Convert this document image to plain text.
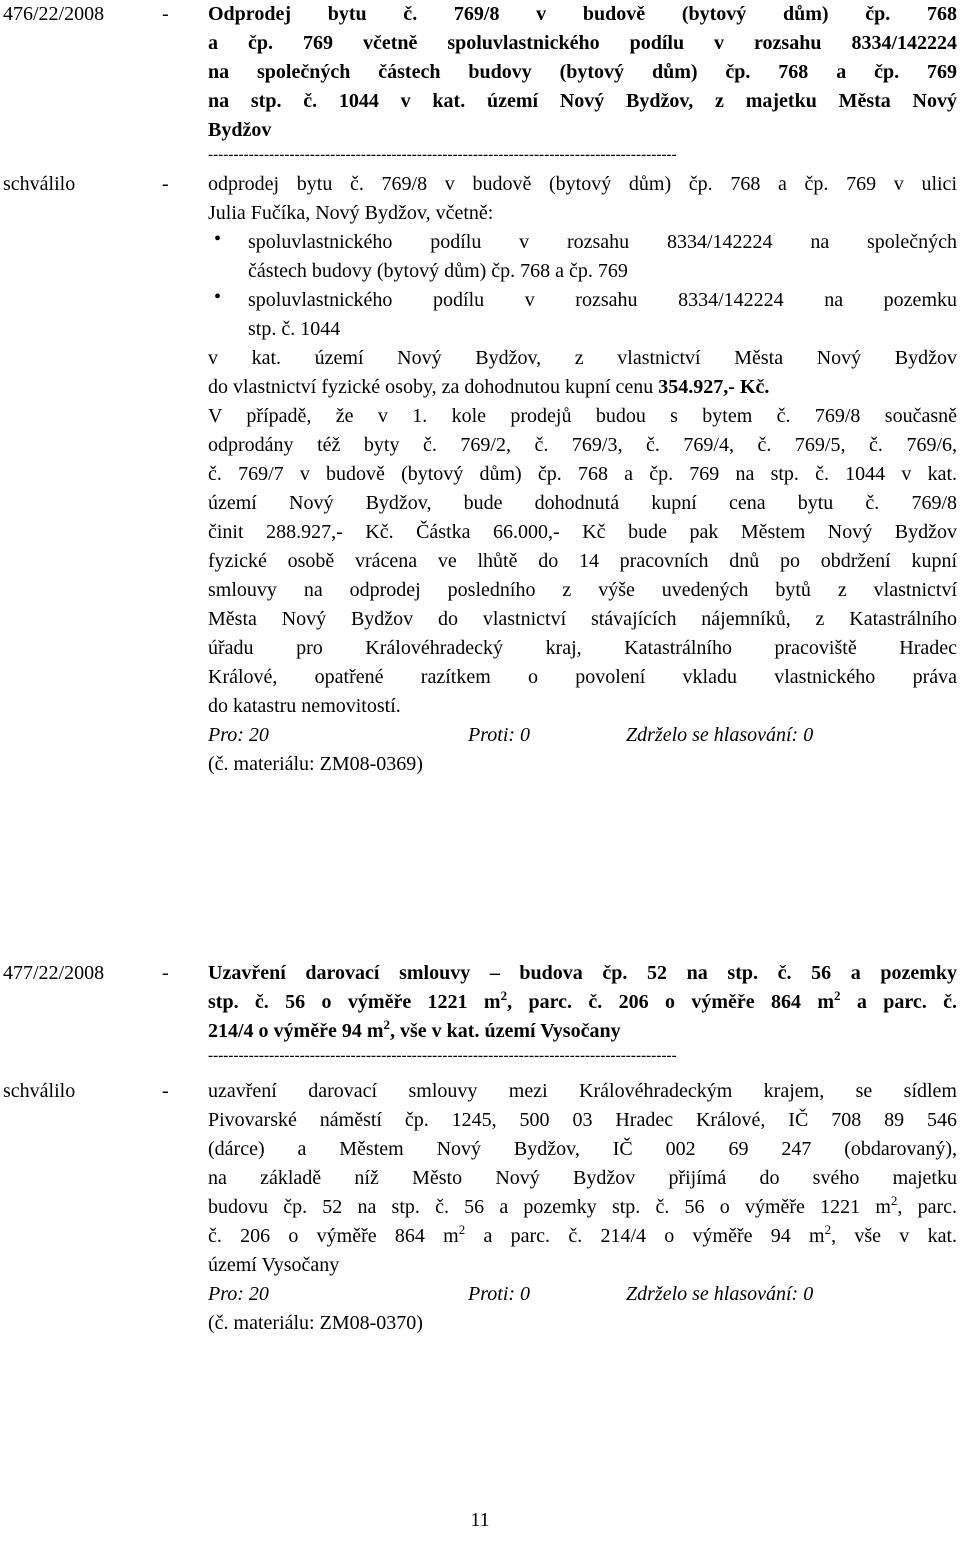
476/22/2008	- Odprodej bytu č. 769/8 v budově (bytový dům) čp. 768
a čp. 769 včetně spoluvlastnického podílu v rozsahu 8334/142224
na společných částech budovy (bytový dům) čp. 768 a čp. 769
na stp. č. 1044 v kat. území Nový Bydžov, z majetku Města Nový
Bydžov
--------------------------------------------------------------------------------------------
schválilo	- odprodej bytu č. 769/8 v budově (bytový dům) čp. 768 a čp. 769 v ulici
Julia Fučíka, Nový Bydžov, včetně:
• spoluvlastnického podílu v rozsahu 8334/142224 na společných
částech budovy (bytový dům) čp. 768 a čp. 769
• spoluvlastnického podílu v rozsahu 8334/142224 na pozemku
stp. č. 1044
v kat. území Nový Bydžov, z vlastnictví Města Nový Bydžov
do vlastnictví fyzické osoby, za dohodnutou kupní cenu 354.927,- Kč.
V případě, že v 1. kole prodejů budou s bytem č. 769/8 současně
odprodány též byty č. 769/2, č. 769/3, č. 769/4, č. 769/5, č. 769/6,
č. 769/7 v budově (bytový dům) čp. 768 a čp. 769 na stp. č. 1044 v kat.
území Nový Bydžov, bude dohodnutá kupní cena bytu č. 769/8
činit 288.927,- Kč. Částka 66.000,- Kč bude pak Městem Nový Bydžov
fyzické osobě vrácena ve lhůtě do 14 pracovních dnů po obdržení kupní
smlouvy na odprodej posledního z výše uvedených bytů z vlastnictví
Města Nový Bydžov do vlastnictví stávajících nájemníků, z Katastrálního
úřadu pro Královéhradecký kraj, Katastrálního pracoviště Hradec
Králové, opatřené razítkem o povolení vkladu vlastnického práva
do katastru nemovitostí.
Pro: 20	Proti: 0	Zdrželo se hlasování: 0
(č. materiálu: ZM08-0369)
477/22/2008	- Uzavření darovací smlouvy – budova čp. 52 na stp. č. 56 a pozemky
stp. č. 56 o výměře 1221 $m^2$, parc. č. 206 o výměře 864 $m^2$ a parc. č.
214/4 o výměře 94 $m^2$, vše v kat. území Vysočany
--------------------------------------------------------------------------------------------
schválilo	- uzavření darovací smlouvy mezi Královéhradeckým krajem, se sídlem
Pivovarské náměstí čp. 1245, 500 03 Hradec Králové, IČ 708 89 546
(dárce) a Městem Nový Bydžov, IČ 002 69 247 (obdarovaný),
na základě níž Město Nový Bydžov přijímá do svého majetku
budovu čp. 52 na stp. č. 56 a pozemky stp. č. 56 o výměře 1221 $m^2$, parc.
č. 206 o výměře 864 $m^2$ a parc. č. 214/4 o výměře 94 $m^2$, vše v kat.
území Vysočany
Pro: 20	Proti: 0	Zdrželo se hlasování: 0
(č. materiálu: ZM08-0370)
11
